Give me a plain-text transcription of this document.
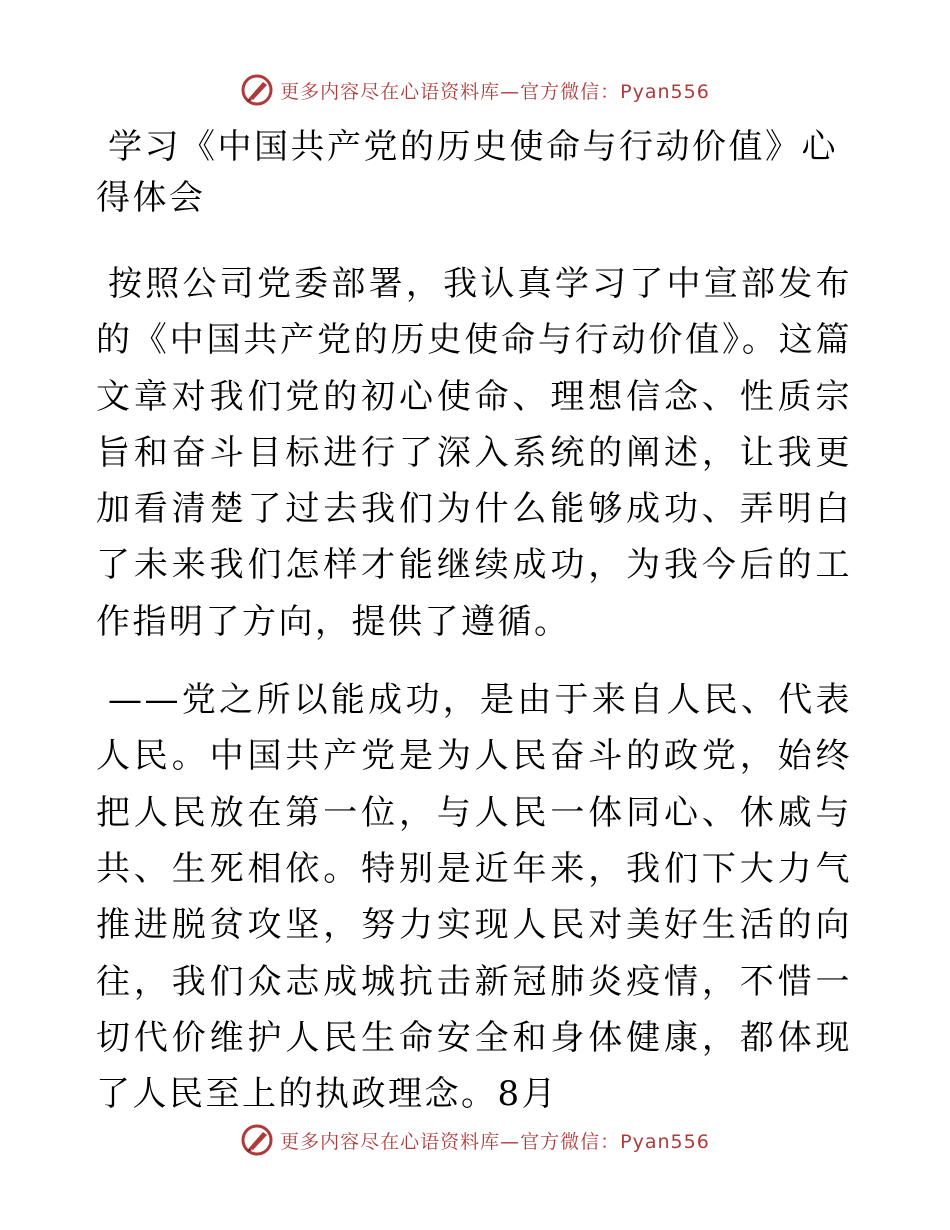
更多内容尽在心语资料库—官方微信：Pyan556
学习《中国共产党的历史使命与行动价值》心得体会

按照公司党委部署，我认真学习了中宣部发布的《中国共产党的历史使命与行动价值》。这篇文章对我们党的初心使命、理想信念、性质宗旨和奋斗目标进行了深入系统的阐述，让我更加看清楚了过去我们为什么能够成功、弄明白了未来我们怎样才能继续成功，为我今后的工作指明了方向，提供了遵循。

——党之所以能成功，是由于来自人民、代表人民。中国共产党是为人民奋斗的政党，始终把人民放在第一位，与人民一体同心、休戚与共、生死相依。特别是近年来，我们下大力气推进脱贫攻坚，努力实现人民对美好生活的向往，我们众志成城抗击新冠肺炎疫情，不惜一切代价维护人民生命安全和身体健康，都体现了人民至上的执政理念。8月

更多内容尽在心语资料库—官方微信：Pyan556
